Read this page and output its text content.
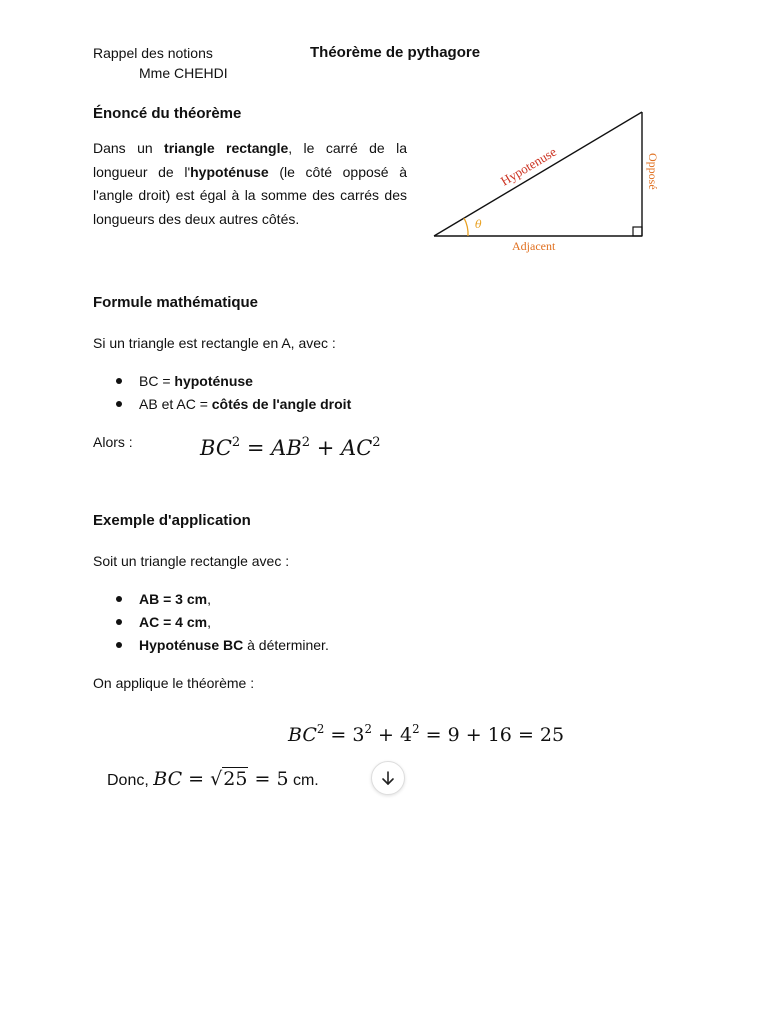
Rappel des notions
Mme CHEHDI
Théorème de pythagore
Énoncé du théorème
Dans un triangle rectangle, le carré de la
longueur de l'hypoténuse (le côté opposé à
l'angle droit) est égal à la somme des carrés des
longueurs des deux autres côtés.	θ
Hypotenuse	Opposé
Adjacent
Formule mathématique
Si un triangle est rectangle en A, avec :
BC = hypoténuse
AB et AC = côtés de l'angle droit
Alors :	$BC^2 = AB^2 + AC^2$
Exemple d'application
Soit un triangle rectangle avec :
AB = 3 cm,
AC = 4 cm,
Hypoténuse BC à déterminer.
On applique le théorème :
$BC^2 = 3^2 + 4^2 = 9 + 16 = 25$
Donc, BC = √25 = 5 cm.
